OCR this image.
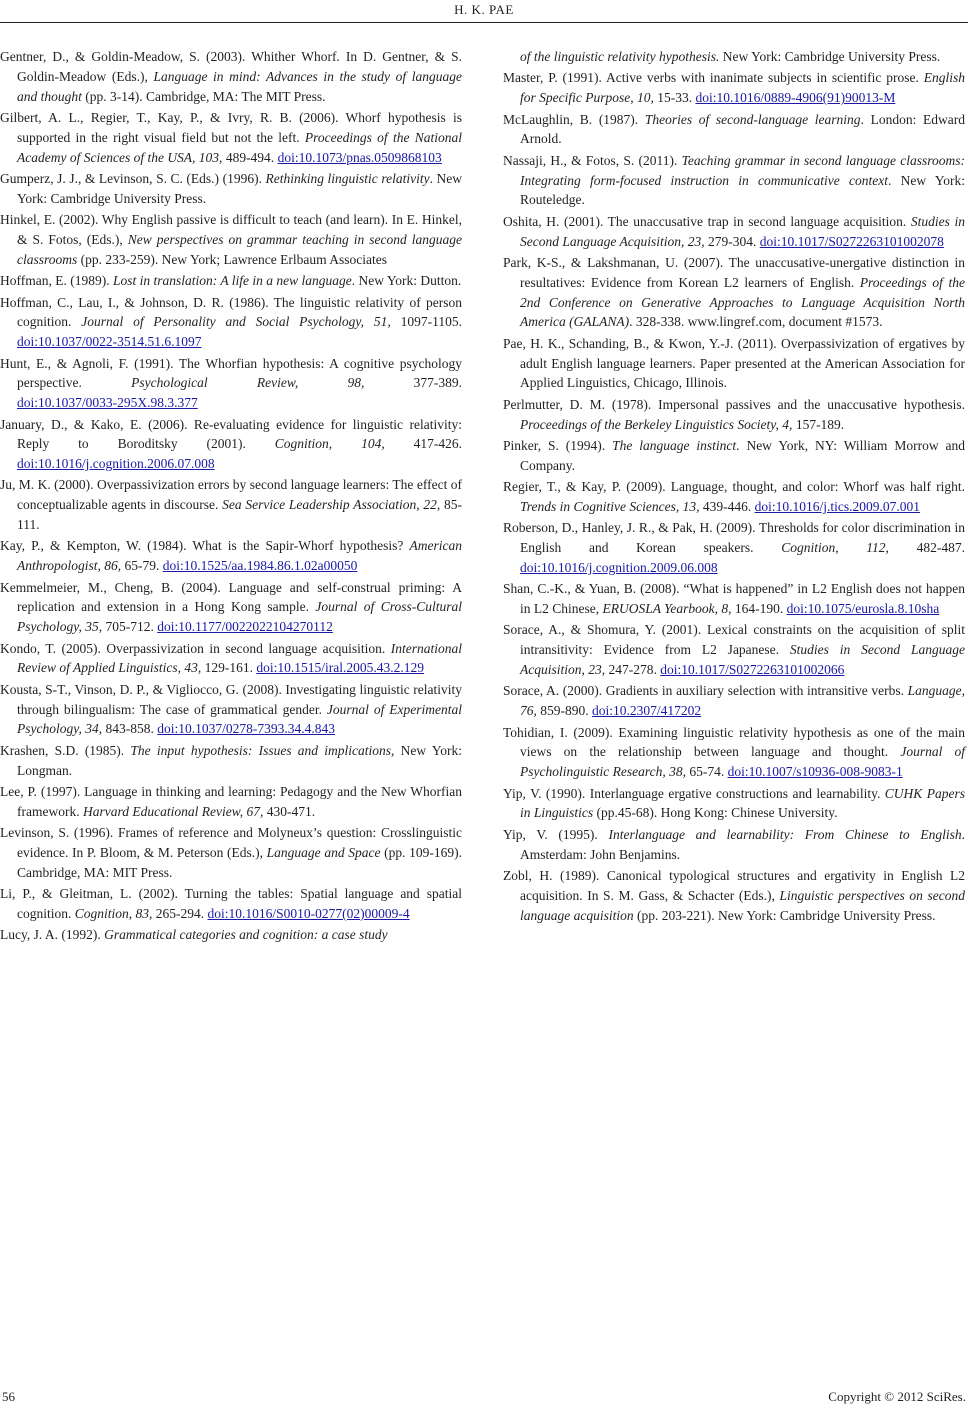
H. K. PAE

Gentner, D., & Goldin-Meadow, S. (2003). Whither Whorf. In D. Gentner, & S. Goldin-Meadow (Eds.), Language in mind: Advances in the study of language and thought (pp. 3-14). Cambridge, MA: The MIT Press.

Gilbert, A. L., Regier, T., Kay, P., & Ivry, R. B. (2006). Whorf hypothesis is supported in the right visual field but not the left. Proceedings of the National Academy of Sciences of the USA, 103, 489-494. doi:10.1073/pnas.0509868103

Gumperz, J. J., & Levinson, S. C. (Eds.) (1996). Rethinking linguistic relativity. New York: Cambridge University Press.

Hinkel, E. (2002). Why English passive is difficult to teach (and learn). In E. Hinkel, & S. Fotos, (Eds.), New perspectives on grammar teaching in second language classrooms (pp. 233-259). New York; Lawrence Erlbaum Associates

Hoffman, E. (1989). Lost in translation: A life in a new language. New York: Dutton.

Hoffman, C., Lau, I., & Johnson, D. R. (1986). The linguistic relativity of person cognition. Journal of Personality and Social Psychology, 51, 1097-1105. doi:10.1037/0022-3514.51.6.1097

Hunt, E., & Agnoli, F. (1991). The Whorfian hypothesis: A cognitive psychology perspective. Psychological Review, 98, 377-389. doi:10.1037/0033-295X.98.3.377

January, D., & Kako, E. (2006). Re-evaluating evidence for linguistic relativity: Reply to Boroditsky (2001). Cognition, 104, 417-426. doi:10.1016/j.cognition.2006.07.008

Ju, M. K. (2000). Overpassivization errors by second language learners: The effect of conceptualizable agents in discourse. Sea Service Leadership Association, 22, 85-111.

Kay, P., & Kempton, W. (1984). What is the Sapir-Whorf hypothesis? American Anthropologist, 86, 65-79. doi:10.1525/aa.1984.86.1.02a00050

Kemmelmeier, M., Cheng, B. (2004). Language and self-construal priming: A replication and extension in a Hong Kong sample. Journal of Cross-Cultural Psychology, 35, 705-712. doi:10.1177/0022022104270112

Kondo, T. (2005). Overpassivization in second language acquisition. International Review of Applied Linguistics, 43, 129-161. doi:10.1515/iral.2005.43.2.129

Kousta, S-T., Vinson, D. P., & Vigliocco, G. (2008). Investigating linguistic relativity through bilingualism: The case of grammatical gender. Journal of Experimental Psychology, 34, 843-858. doi:10.1037/0278-7393.34.4.843

Krashen, S.D. (1985). The input hypothesis: Issues and implications, New York: Longman.

Lee, P. (1997). Language in thinking and learning: Pedagogy and the New Whorfian framework. Harvard Educational Review, 67, 430-471.

Levinson, S. (1996). Frames of reference and Molyneux’s question: Crosslinguistic evidence. In P. Bloom, & M. Peterson (Eds.), Language and Space (pp. 109-169). Cambridge, MA: MIT Press.

Li, P., & Gleitman, L. (2002). Turning the tables: Spatial language and spatial cognition. Cognition, 83, 265-294. doi:10.1016/S0010-0277(02)00009-4

Lucy, J. A. (1992). Grammatical categories and cognition: a case study

of the linguistic relativity hypothesis. New York: Cambridge University Press.

Master, P. (1991). Active verbs with inanimate subjects in scientific prose. English for Specific Purpose, 10, 15-33. doi:10.1016/0889-4906(91)90013-M

McLaughlin, B. (1987). Theories of second-language learning. London: Edward Arnold.

Nassaji, H., & Fotos, S. (2011). Teaching grammar in second language classrooms: Integrating form-focused instruction in communicative context. New York: Routeledge.

Oshita, H. (2001). The unaccusative trap in second language acquisition. Studies in Second Language Acquisition, 23, 279-304. doi:10.1017/S0272263101002078

Park, K-S., & Lakshmanan, U. (2007). The unaccusative-unergative distinction in resultatives: Evidence from Korean L2 learners of English. Proceedings of the 2nd Conference on Generative Approaches to Language Acquisition North America (GALANA). 328-338. www.lingref.com, document #1573.

Pae, H. K., Schanding, B., & Kwon, Y.-J. (2011). Overpassivization of ergatives by adult English language learners. Paper presented at the American Association for Applied Linguistics, Chicago, Illinois.

Perlmutter, D. M. (1978). Impersonal passives and the unaccusative hypothesis. Proceedings of the Berkeley Linguistics Society, 4, 157-189.

Pinker, S. (1994). The language instinct. New York, NY: William Morrow and Company.

Regier, T., & Kay, P. (2009). Language, thought, and color: Whorf was half right. Trends in Cognitive Sciences, 13, 439-446. doi:10.1016/j.tics.2009.07.001

Roberson, D., Hanley, J. R., & Pak, H. (2009). Thresholds for color discrimination in English and Korean speakers. Cognition, 112, 482-487. doi:10.1016/j.cognition.2009.06.008

Shan, C.-K., & Yuan, B. (2008). “What is happened” in L2 English does not happen in L2 Chinese, ERUOSLA Yearbook, 8, 164-190. doi:10.1075/eurosla.8.10sha

Sorace, A., & Shomura, Y. (2001). Lexical constraints on the acquisition of split intransitivity: Evidence from L2 Japanese. Studies in Second Language Acquisition, 23, 247-278. doi:10.1017/S0272263101002066

Sorace, A. (2000). Gradients in auxiliary selection with intransitive verbs. Language, 76, 859-890. doi:10.2307/417202

Tohidian, I. (2009). Examining linguistic relativity hypothesis as one of the main views on the relationship between language and thought. Journal of Psycholinguistic Research, 38, 65-74. doi:10.1007/s10936-008-9083-1

Yip, V. (1990). Interlanguage ergative constructions and learnability. CUHK Papers in Linguistics (pp.45-68). Hong Kong: Chinese University.

Yip, V. (1995). Interlanguage and learnability: From Chinese to English. Amsterdam: John Benjamins.

Zobl, H. (1989). Canonical typological structures and ergativity in English L2 acquisition. In S. M. Gass, & Schacter (Eds.), Linguistic perspectives on second language acquisition (pp. 203-221). New York: Cambridge University Press.

56	Copyright © 2012 SciRes.
